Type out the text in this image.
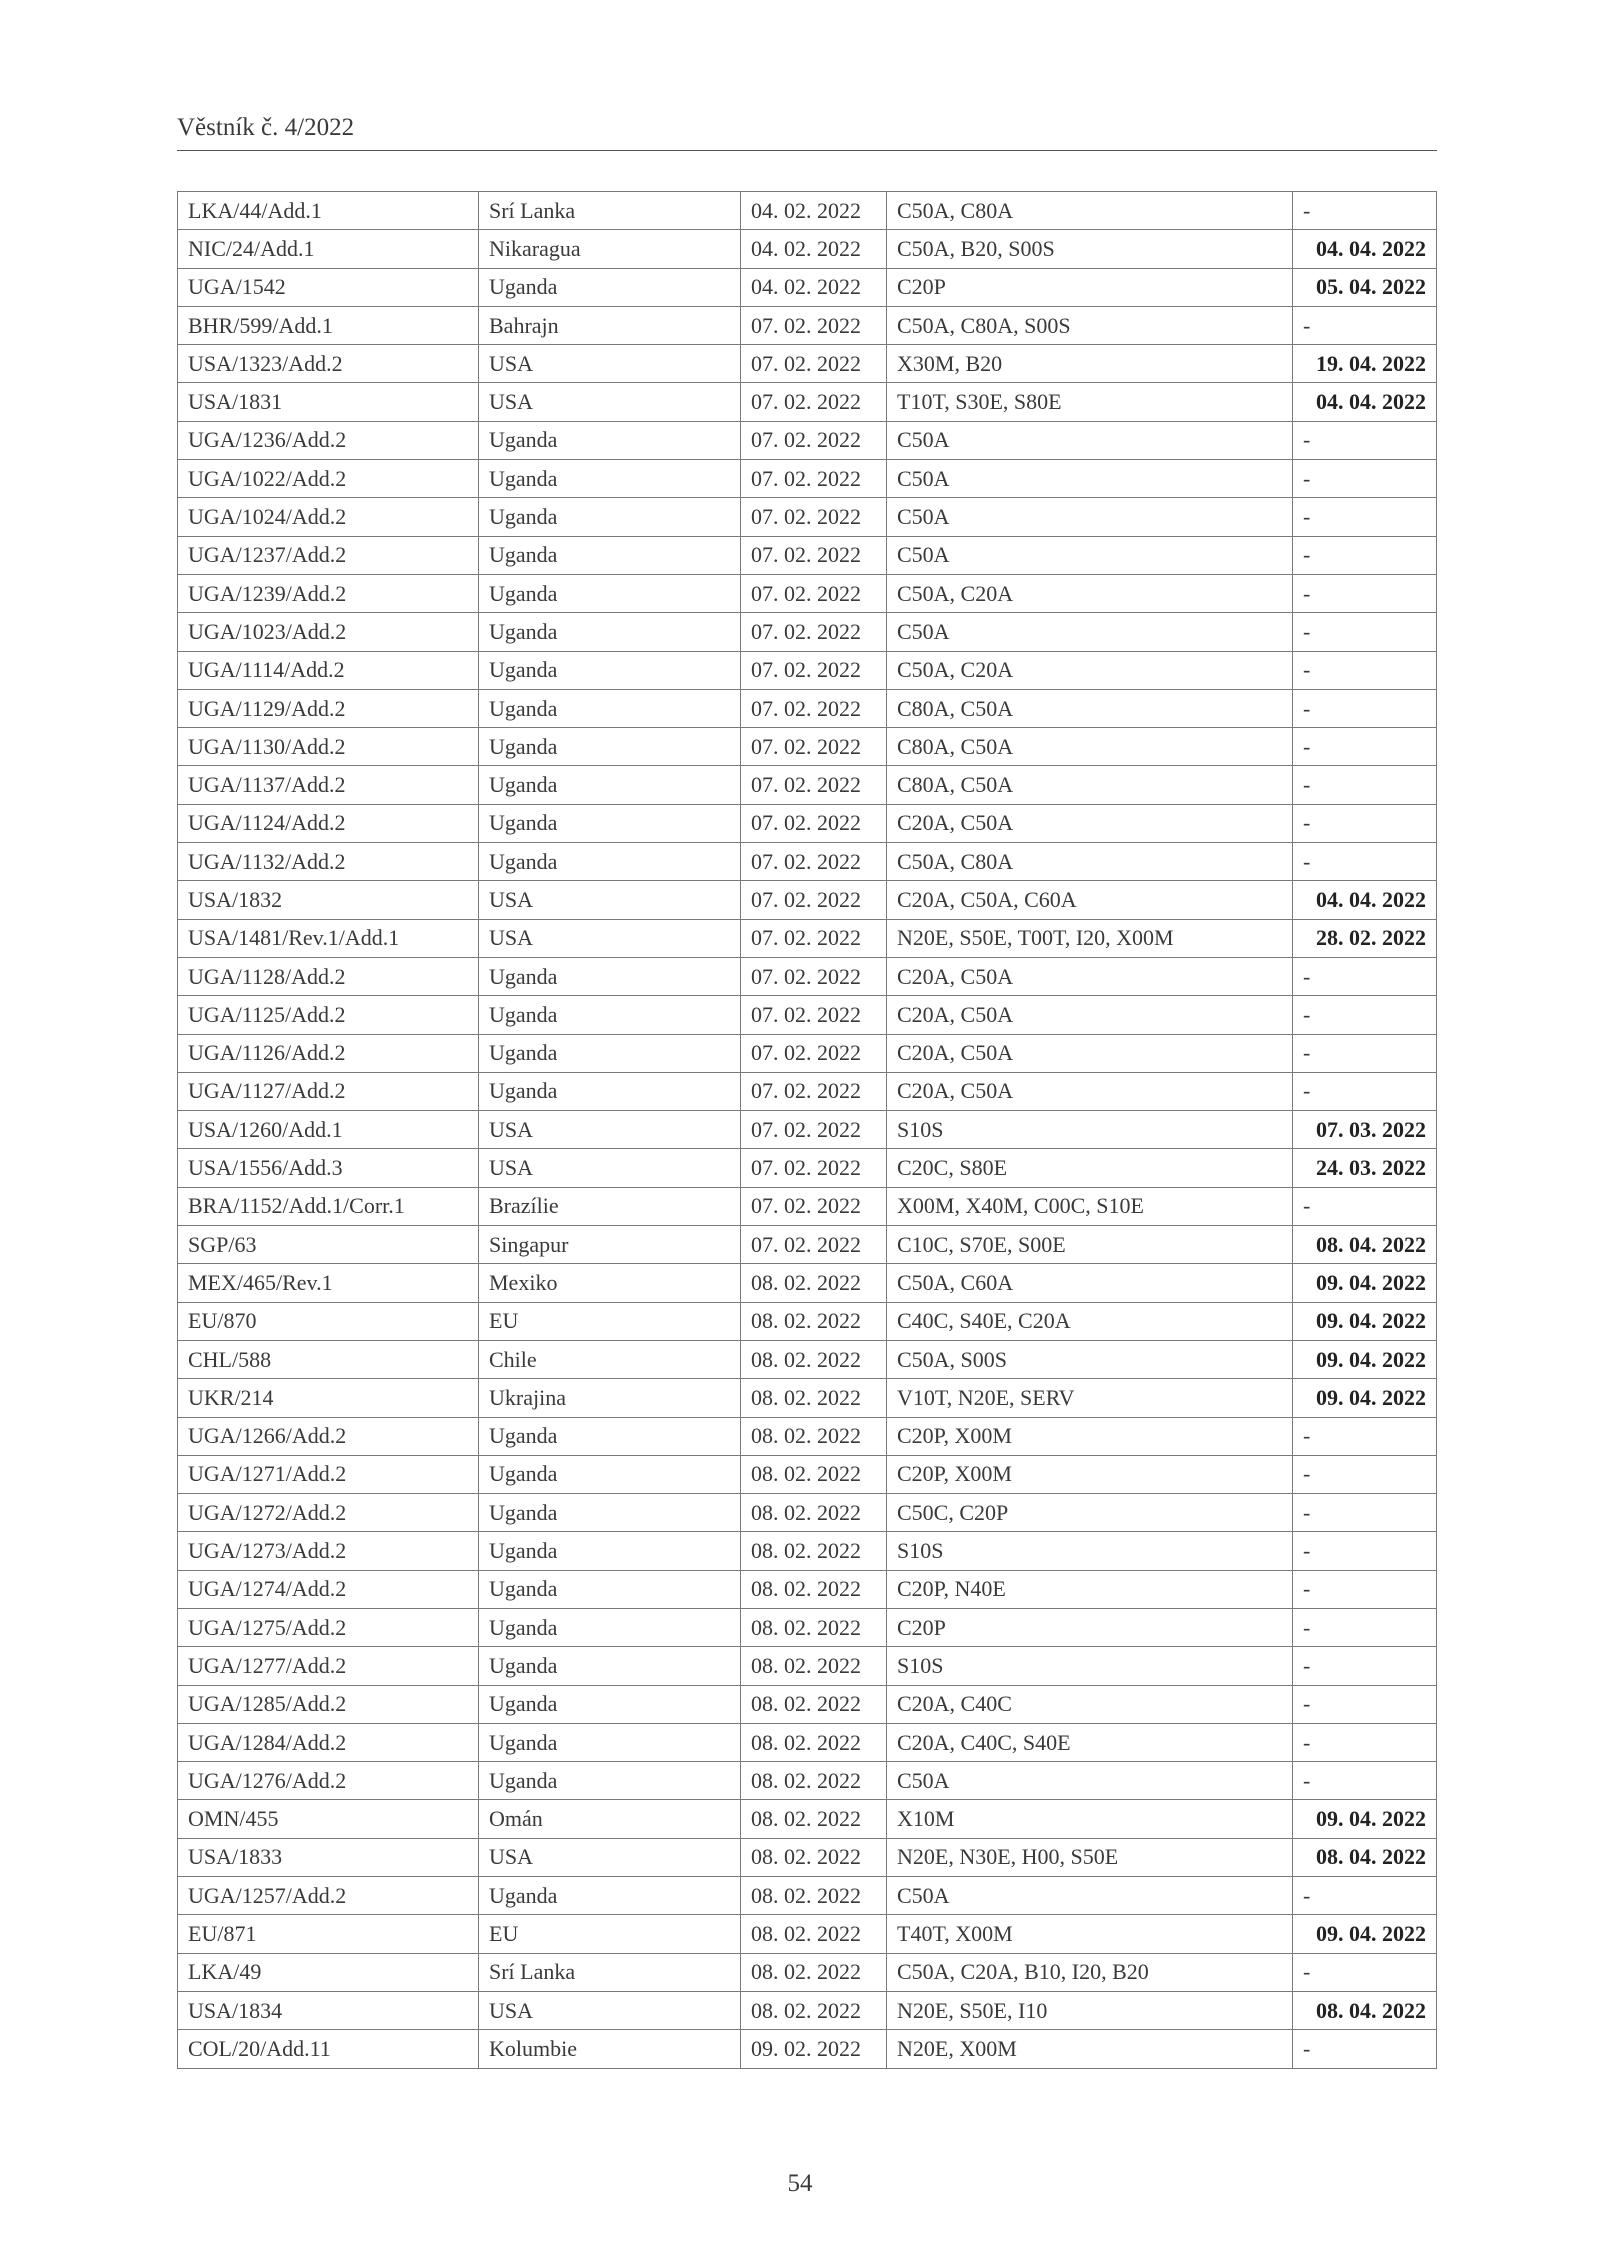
Věstník č. 4/2022
LKA/44/Add.1	Srí Lanka	04. 02. 2022	C50A, C80A	-
NIC/24/Add.1	Nikaragua	04. 02. 2022	C50A, B20, S00S	04. 04. 2022
UGA/1542	Uganda	04. 02. 2022	C20P	05. 04. 2022
BHR/599/Add.1	Bahrajn	07. 02. 2022	C50A, C80A, S00S	-
USA/1323/Add.2	USA	07. 02. 2022	X30M, B20	19. 04. 2022
USA/1831	USA	07. 02. 2022	T10T, S30E, S80E	04. 04. 2022
UGA/1236/Add.2	Uganda	07. 02. 2022	C50A	-
UGA/1022/Add.2	Uganda	07. 02. 2022	C50A	-
UGA/1024/Add.2	Uganda	07. 02. 2022	C50A	-
UGA/1237/Add.2	Uganda	07. 02. 2022	C50A	-
UGA/1239/Add.2	Uganda	07. 02. 2022	C50A, C20A	-
UGA/1023/Add.2	Uganda	07. 02. 2022	C50A	-
UGA/1114/Add.2	Uganda	07. 02. 2022	C50A, C20A	-
UGA/1129/Add.2	Uganda	07. 02. 2022	C80A, C50A	-
UGA/1130/Add.2	Uganda	07. 02. 2022	C80A, C50A	-
UGA/1137/Add.2	Uganda	07. 02. 2022	C80A, C50A	-
UGA/1124/Add.2	Uganda	07. 02. 2022	C20A, C50A	-
UGA/1132/Add.2	Uganda	07. 02. 2022	C50A, C80A	-
USA/1832	USA	07. 02. 2022	C20A, C50A, C60A	04. 04. 2022
USA/1481/Rev.1/Add.1	USA	07. 02. 2022	N20E, S50E, T00T, I20, X00M	28. 02. 2022
UGA/1128/Add.2	Uganda	07. 02. 2022	C20A, C50A	-
UGA/1125/Add.2	Uganda	07. 02. 2022	C20A, C50A	-
UGA/1126/Add.2	Uganda	07. 02. 2022	C20A, C50A	-
UGA/1127/Add.2	Uganda	07. 02. 2022	C20A, C50A	-
USA/1260/Add.1	USA	07. 02. 2022	S10S	07. 03. 2022
USA/1556/Add.3	USA	07. 02. 2022	C20C, S80E	24. 03. 2022
BRA/1152/Add.1/Corr.1	Brazílie	07. 02. 2022	X00M, X40M, C00C, S10E	-
SGP/63	Singapur	07. 02. 2022	C10C, S70E, S00E	08. 04. 2022
MEX/465/Rev.1	Mexiko	08. 02. 2022	C50A, C60A	09. 04. 2022
EU/870	EU	08. 02. 2022	C40C, S40E, C20A	09. 04. 2022
CHL/588	Chile	08. 02. 2022	C50A, S00S	09. 04. 2022
UKR/214	Ukrajina	08. 02. 2022	V10T, N20E, SERV	09. 04. 2022
UGA/1266/Add.2	Uganda	08. 02. 2022	C20P, X00M	-
UGA/1271/Add.2	Uganda	08. 02. 2022	C20P, X00M	-
UGA/1272/Add.2	Uganda	08. 02. 2022	C50C, C20P	-
UGA/1273/Add.2	Uganda	08. 02. 2022	S10S	-
UGA/1274/Add.2	Uganda	08. 02. 2022	C20P, N40E	-
UGA/1275/Add.2	Uganda	08. 02. 2022	C20P	-
UGA/1277/Add.2	Uganda	08. 02. 2022	S10S	-
UGA/1285/Add.2	Uganda	08. 02. 2022	C20A, C40C	-
UGA/1284/Add.2	Uganda	08. 02. 2022	C20A, C40C, S40E	-
UGA/1276/Add.2	Uganda	08. 02. 2022	C50A	-
OMN/455	Omán	08. 02. 2022	X10M	09. 04. 2022
USA/1833	USA	08. 02. 2022	N20E, N30E, H00, S50E	08. 04. 2022
UGA/1257/Add.2	Uganda	08. 02. 2022	C50A	-
EU/871	EU	08. 02. 2022	T40T, X00M	09. 04. 2022
LKA/49	Srí Lanka	08. 02. 2022	C50A, C20A, B10, I20, B20	-
USA/1834	USA	08. 02. 2022	N20E, S50E, I10	08. 04. 2022
COL/20/Add.11	Kolumbie	09. 02. 2022	N20E, X00M	-
54
